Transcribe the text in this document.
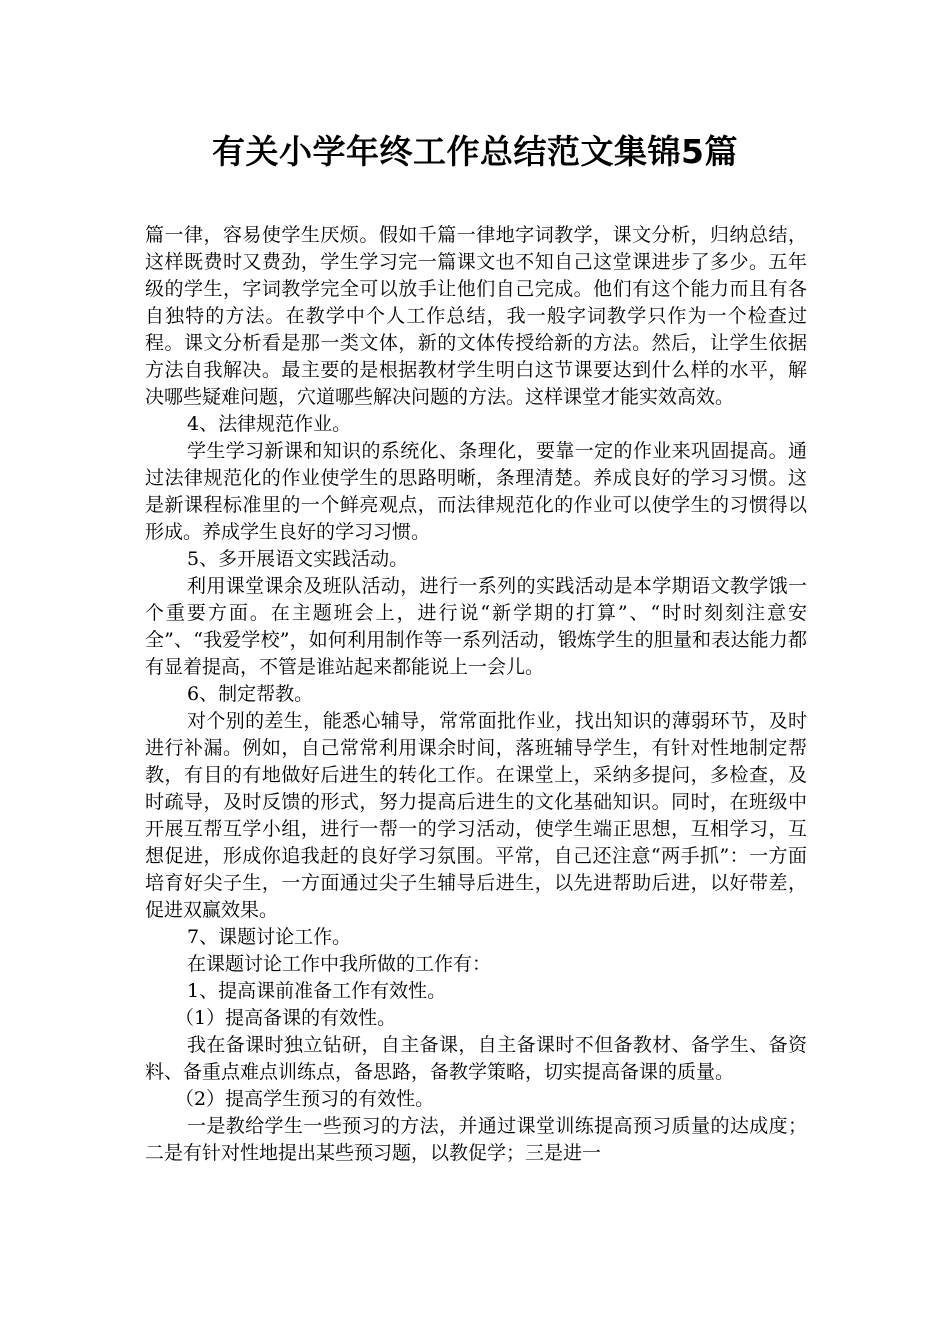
有关小学年终工作总结范文集锦5篇

篇一律，容易使学生厌烦。假如千篇一律地字词教学，课文分析，归纳总结，这样既费时又费劲，学生学习完一篇课文也不知自己这堂课进步了多少。五年级的学生，字词教学完全可以放手让他们自己完成。他们有这个能力而且有各自独特的方法。在教学中个人工作总结，我一般字词教学只作为一个检查过程。课文分析看是那一类文体，新的文体传授给新的方法。然后，让学生依据方法自我解决。最主要的是根据教材学生明白这节课要达到什么样的水平，解决哪些疑难问题，穴道哪些解决问题的方法。这样课堂才能实效高效。

4、法律规范作业。

学生学习新课和知识的系统化、条理化，要靠一定的作业来巩固提高。通过法律规范化的作业使学生的思路明晰，条理清楚。养成良好的学习习惯。这是新课程标准里的一个鲜亮观点，而法律规范化的作业可以使学生的习惯得以形成。养成学生良好的学习习惯。

5、多开展语文实践活动。

利用课堂课余及班队活动，进行一系列的实践活动是本学期语文教学饿一个重要方面。在主题班会上，进行说“新学期的打算”、“时时刻刻注意安全”、“我爱学校”，如何利用制作等一系列活动，锻炼学生的胆量和表达能力都有显着提高，不管是谁站起来都能说上一会儿。

6、制定帮教。

对个别的差生，能悉心辅导，常常面批作业，找出知识的薄弱环节，及时进行补漏。例如，自己常常利用课余时间，落班辅导学生，有针对性地制定帮教，有目的有地做好后进生的转化工作。在课堂上，采纳多提问，多检查，及时疏导，及时反馈的形式，努力提高后进生的文化基础知识。同时，在班级中开展互帮互学小组，进行一帮一的学习活动，使学生端正思想，互相学习，互想促进，形成你追我赶的良好学习氛围。平常，自己还注意“两手抓”：一方面培育好尖子生，一方面通过尖子生辅导后进生，以先进帮助后进，以好带差，促进双赢效果。

7、课题讨论工作。

在课题讨论工作中我所做的工作有：

1、提高课前准备工作有效性。

（1）提高备课的有效性。

我在备课时独立钻研，自主备课，自主备课时不但备教材、备学生、备资料、备重点难点训练点，备思路，备教学策略，切实提高备课的质量。

（2）提高学生预习的有效性。

一是教给学生一些预习的方法，并通过课堂训练提高预习质量的达成度；二是有针对性地提出某些预习题，以教促学；三是进一
